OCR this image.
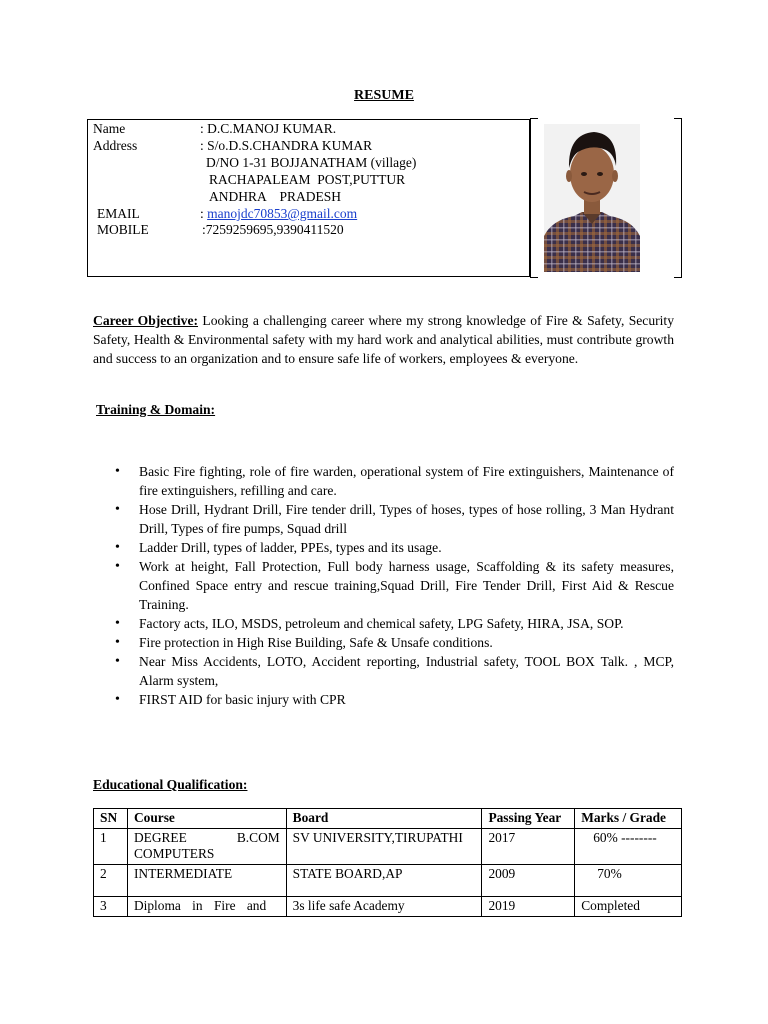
RESUME
Name	: D.C.MANOJ KUMAR.
Address	: S/o.D.S.CHANDRA KUMAR
D/NO 1-31 BOJJANATHAM (village)
RACHAPALEAM  POST,PUTTUR
ANDHRA    PRADESH
EMAIL	: manojdc70853@gmail.com
MOBILE	:7259259695,9390411520
Career Objective: Looking a challenging career where my strong knowledge of Fire & Safety, Security Safety, Health & Environmental safety with my hard work and analytical abilities, must contribute growth and success to an organization and to ensure safe life of workers, employees & everyone.
Training & Domain:
• Basic Fire fighting, role of fire warden, operational system of Fire extinguishers, Maintenance of fire extinguishers, refilling and care.
• Hose Drill, Hydrant Drill, Fire tender drill, Types of hoses, types of hose rolling, 3 Man Hydrant Drill, Types of fire pumps, Squad drill
• Ladder Drill, types of ladder, PPEs, types and its usage.
• Work at height, Fall Protection, Full body harness usage, Scaffolding & its safety measures, Confined Space entry and rescue training,Squad Drill, Fire Tender Drill, First Aid & Rescue Training.
• Factory acts, ILO, MSDS, petroleum and chemical safety, LPG Safety, HIRA, JSA, SOP.
• Fire protection in High Rise Building, Safe & Unsafe conditions.
• Near Miss Accidents, LOTO, Accident reporting, Industrial safety, TOOL BOX Talk. , MCP, Alarm system,
• FIRST AID for basic injury with CPR
Educational Qualification:
SN	Course	Board	Passing Year	Marks / Grade
1	DEGREE B.COM COMPUTERS	SV UNIVERSITY,TIRUPATHI	2017	60% --------
2	INTERMEDIATE	STATE BOARD,AP	2009	70%
3	Diploma in Fire and	3s life safe Academy	2019	Completed
